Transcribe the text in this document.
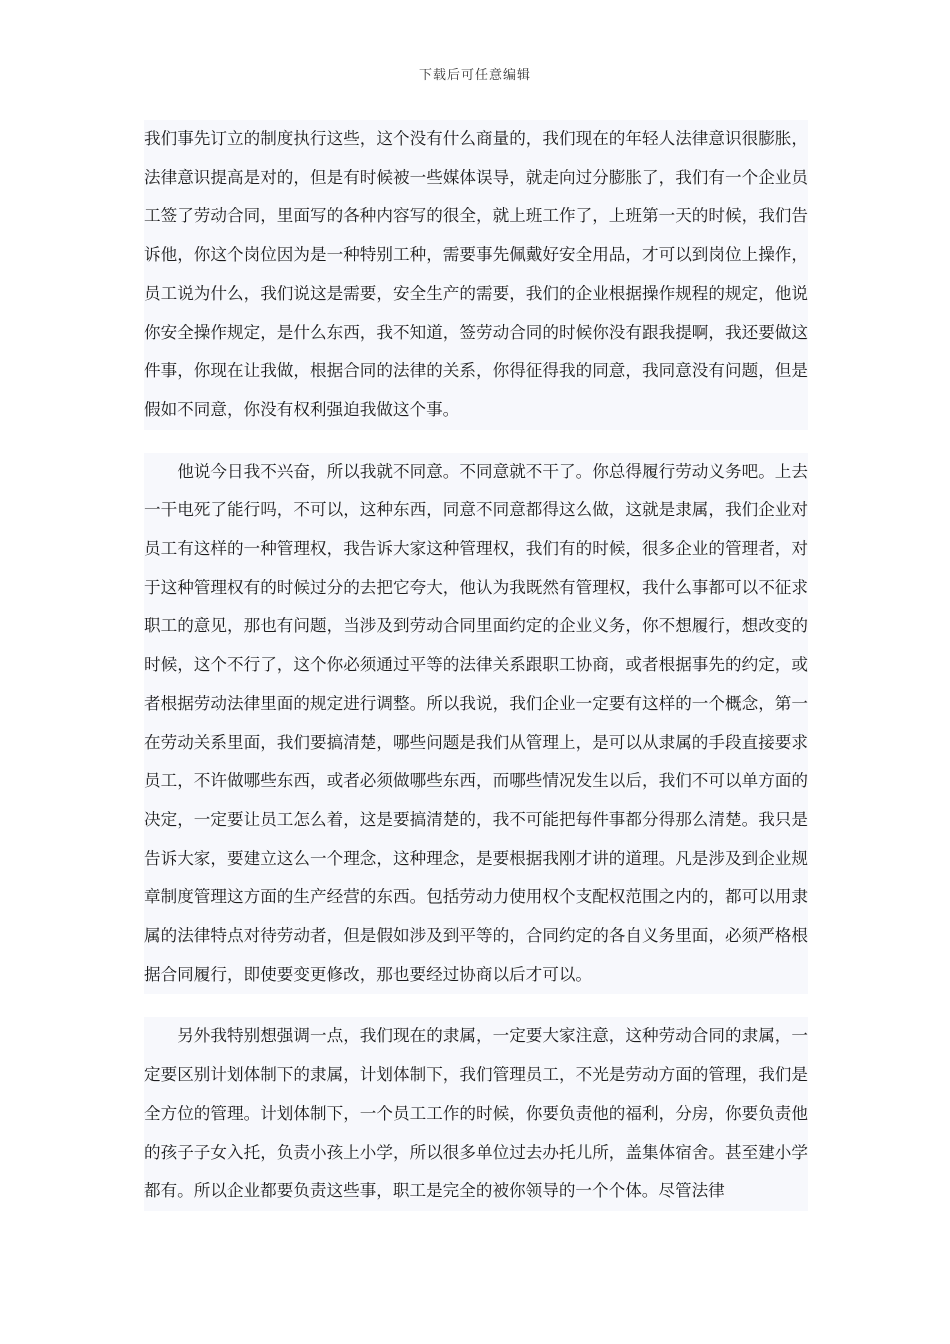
下载后可任意编辑

我们事先订立的制度执行这些，这个没有什么商量的，我们现在的年轻人法律意识很膨胀，法律意识提高是对的，但是有时候被一些媒体误导，就走向过分膨胀了，我们有一个企业员工签了劳动合同，里面写的各种内容写的很全，就上班工作了，上班第一天的时候，我们告诉他，你这个岗位因为是一种特别工种，需要事先佩戴好安全用品，才可以到岗位上操作，员工说为什么，我们说这是需要，安全生产的需要，我们的企业根据操作规程的规定，他说你安全操作规定，是什么东西，我不知道，签劳动合同的时候你没有跟我提啊，我还要做这件事，你现在让我做，根据合同的法律的关系，你得征得我的同意，我同意没有问题，但是假如不同意，你没有权利强迫我做这个事。

他说今日我不兴奋，所以我就不同意。不同意就不干了。你总得履行劳动义务吧。上去一干电死了能行吗，不可以，这种东西，同意不同意都得这么做，这就是隶属，我们企业对员工有这样的一种管理权，我告诉大家这种管理权，我们有的时候，很多企业的管理者，对于这种管理权有的时候过分的去把它夸大，他认为我既然有管理权，我什么事都可以不征求职工的意见，那也有问题，当涉及到劳动合同里面约定的企业义务，你不想履行，想改变的时候，这个不行了，这个你必须通过平等的法律关系跟职工协商，或者根据事先的约定，或者根据劳动法律里面的规定进行调整。所以我说，我们企业一定要有这样的一个概念，第一在劳动关系里面，我们要搞清楚，哪些问题是我们从管理上，是可以从隶属的手段直接要求员工，不许做哪些东西，或者必须做哪些东西，而哪些情况发生以后，我们不可以单方面的决定，一定要让员工怎么着，这是要搞清楚的，我不可能把每件事都分得那么清楚。我只是告诉大家，要建立这么一个理念，这种理念，是要根据我刚才讲的道理。凡是涉及到企业规章制度管理这方面的生产经营的东西。包括劳动力使用权个支配权范围之内的，都可以用隶属的法律特点对待劳动者，但是假如涉及到平等的，合同约定的各自义务里面，必须严格根据合同履行，即使要变更修改，那也要经过协商以后才可以。

另外我特别想强调一点，我们现在的隶属，一定要大家注意，这种劳动合同的隶属，一定要区别计划体制下的隶属，计划体制下，我们管理员工，不光是劳动方面的管理，我们是全方位的管理。计划体制下，一个员工工作的时候，你要负责他的福利，分房，你要负责他的孩子子女入托，负责小孩上小学，所以很多单位过去办托儿所，盖集体宿舍。甚至建小学都有。所以企业都要负责这些事，职工是完全的被你领导的一个个体。尽管法律
